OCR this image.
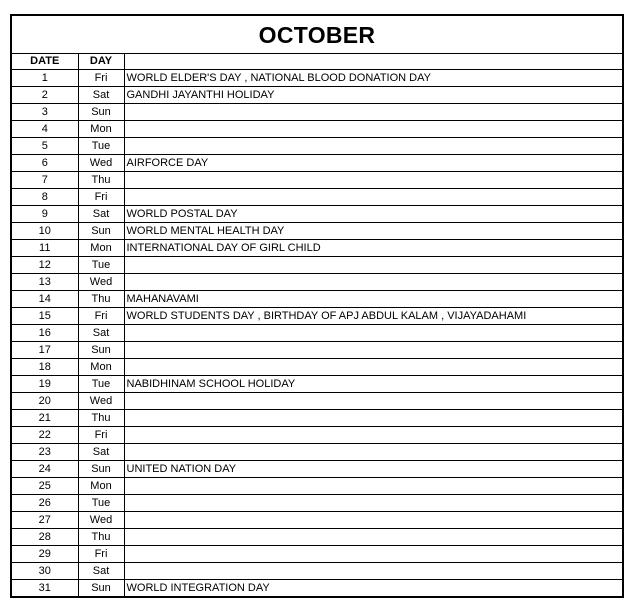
OCTOBER
DATE	DAY	
1	Fri	WORLD ELDER'S DAY , NATIONAL BLOOD DONATION DAY
2	Sat	GANDHI JAYANTHI HOLIDAY
3	Sun	
4	Mon	
5	Tue	
6	Wed	AIRFORCE DAY
7	Thu	
8	Fri	
9	Sat	WORLD POSTAL DAY
10	Sun	WORLD MENTAL HEALTH DAY
11	Mon	INTERNATIONAL DAY OF GIRL CHILD
12	Tue	
13	Wed	
14	Thu	MAHANAVAMI
15	Fri	WORLD STUDENTS DAY , BIRTHDAY OF APJ ABDUL KALAM , VIJAYADAHAMI
16	Sat	
17	Sun	
18	Mon	
19	Tue	NABIDHINAM SCHOOL HOLIDAY
20	Wed	
21	Thu	
22	Fri	
23	Sat	
24	Sun	UNITED NATION DAY
25	Mon	
26	Tue	
27	Wed	
28	Thu	
29	Fri	
30	Sat	
31	Sun	WORLD INTEGRATION DAY
